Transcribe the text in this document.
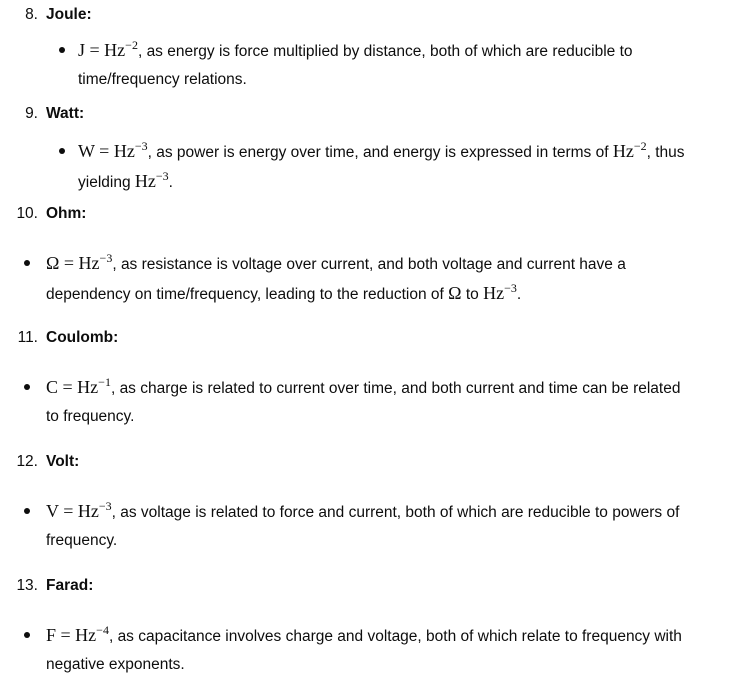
8. Joule:

$J = Hz^{-2}$, as energy is force multiplied by distance, both of which are reducible to

time/frequency relations.

9. Watt:

$W = Hz^{-3}$, as power is energy over time, and energy is expressed in terms of $Hz^{-2}$, thus

yielding $Hz^{-3}$.

10. Ohm:

$\Omega = Hz^{-3}$, as resistance is voltage over current, and both voltage and current have a

dependency on time/frequency, leading to the reduction of Ω to $Hz^{-3}$.

11. Coulomb:

$C = Hz^{-1}$, as charge is related to current over time, and both current and time can be related

to frequency.

12. Volt:

$V = Hz^{-3}$, as voltage is related to force and current, both of which are reducible to powers of

frequency.

13. Farad:

$F = Hz^{-4}$, as capacitance involves charge and voltage, both of which relate to frequency with

negative exponents.
